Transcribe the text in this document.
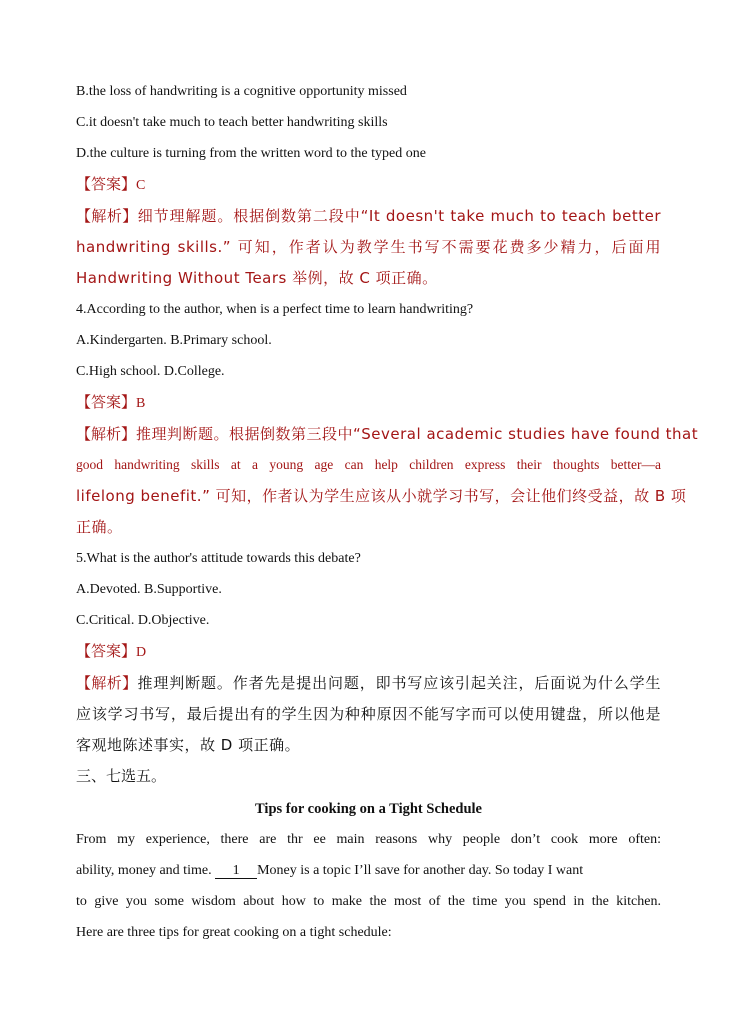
B.the loss of handwriting is a cognitive opportunity missed
C.it doesn't take much to teach better handwriting skills
D.the culture is turning from the written word to the typed one
【答案】C
【解析】细节理解题。根据倒数第二段中“It doesn't take much to teach better
handwriting skills.” 可知，作者认为教学生书写不需要花费多少精力，后面用
Handwriting Without Tears 举例，故 C 项正确。
4.According to the author, when is a perfect time to learn handwriting?
A.Kindergarten. B.Primary school.
C.High school. D.College.
【答案】B
【解析】推理判断题。根据倒数第三段中“Several academic studies have found that
good handwriting skills at a young age can help children express their thoughts better—a
lifelong benefit.” 可知，作者认为学生应该从小就学习书写，会让他们终受益，故 B 项
正确。
5.What is the author's attitude towards this debate?
A.Devoted. B.Supportive.
C.Critical. D.Objective.
【答案】D
【解析】推理判断题。作者先是提出问题，即书写应该引起关注，后面说为什么学生
应该学习书写，最后提出有的学生因为种种原因不能写字而可以使用键盘，所以他是
客观地陈述事实，故 D 项正确。
三、七选五。
Tips for cooking on a Tight Schedule
From my experience, there are thr ee main reasons why people don’t cook more often:
ability, money and time. 1 Money is a topic I’ll save for another day. So today I want
to give you some wisdom about how to make the most of the time you spend in the kitchen.
Here are three tips for great cooking on a tight schedule:
